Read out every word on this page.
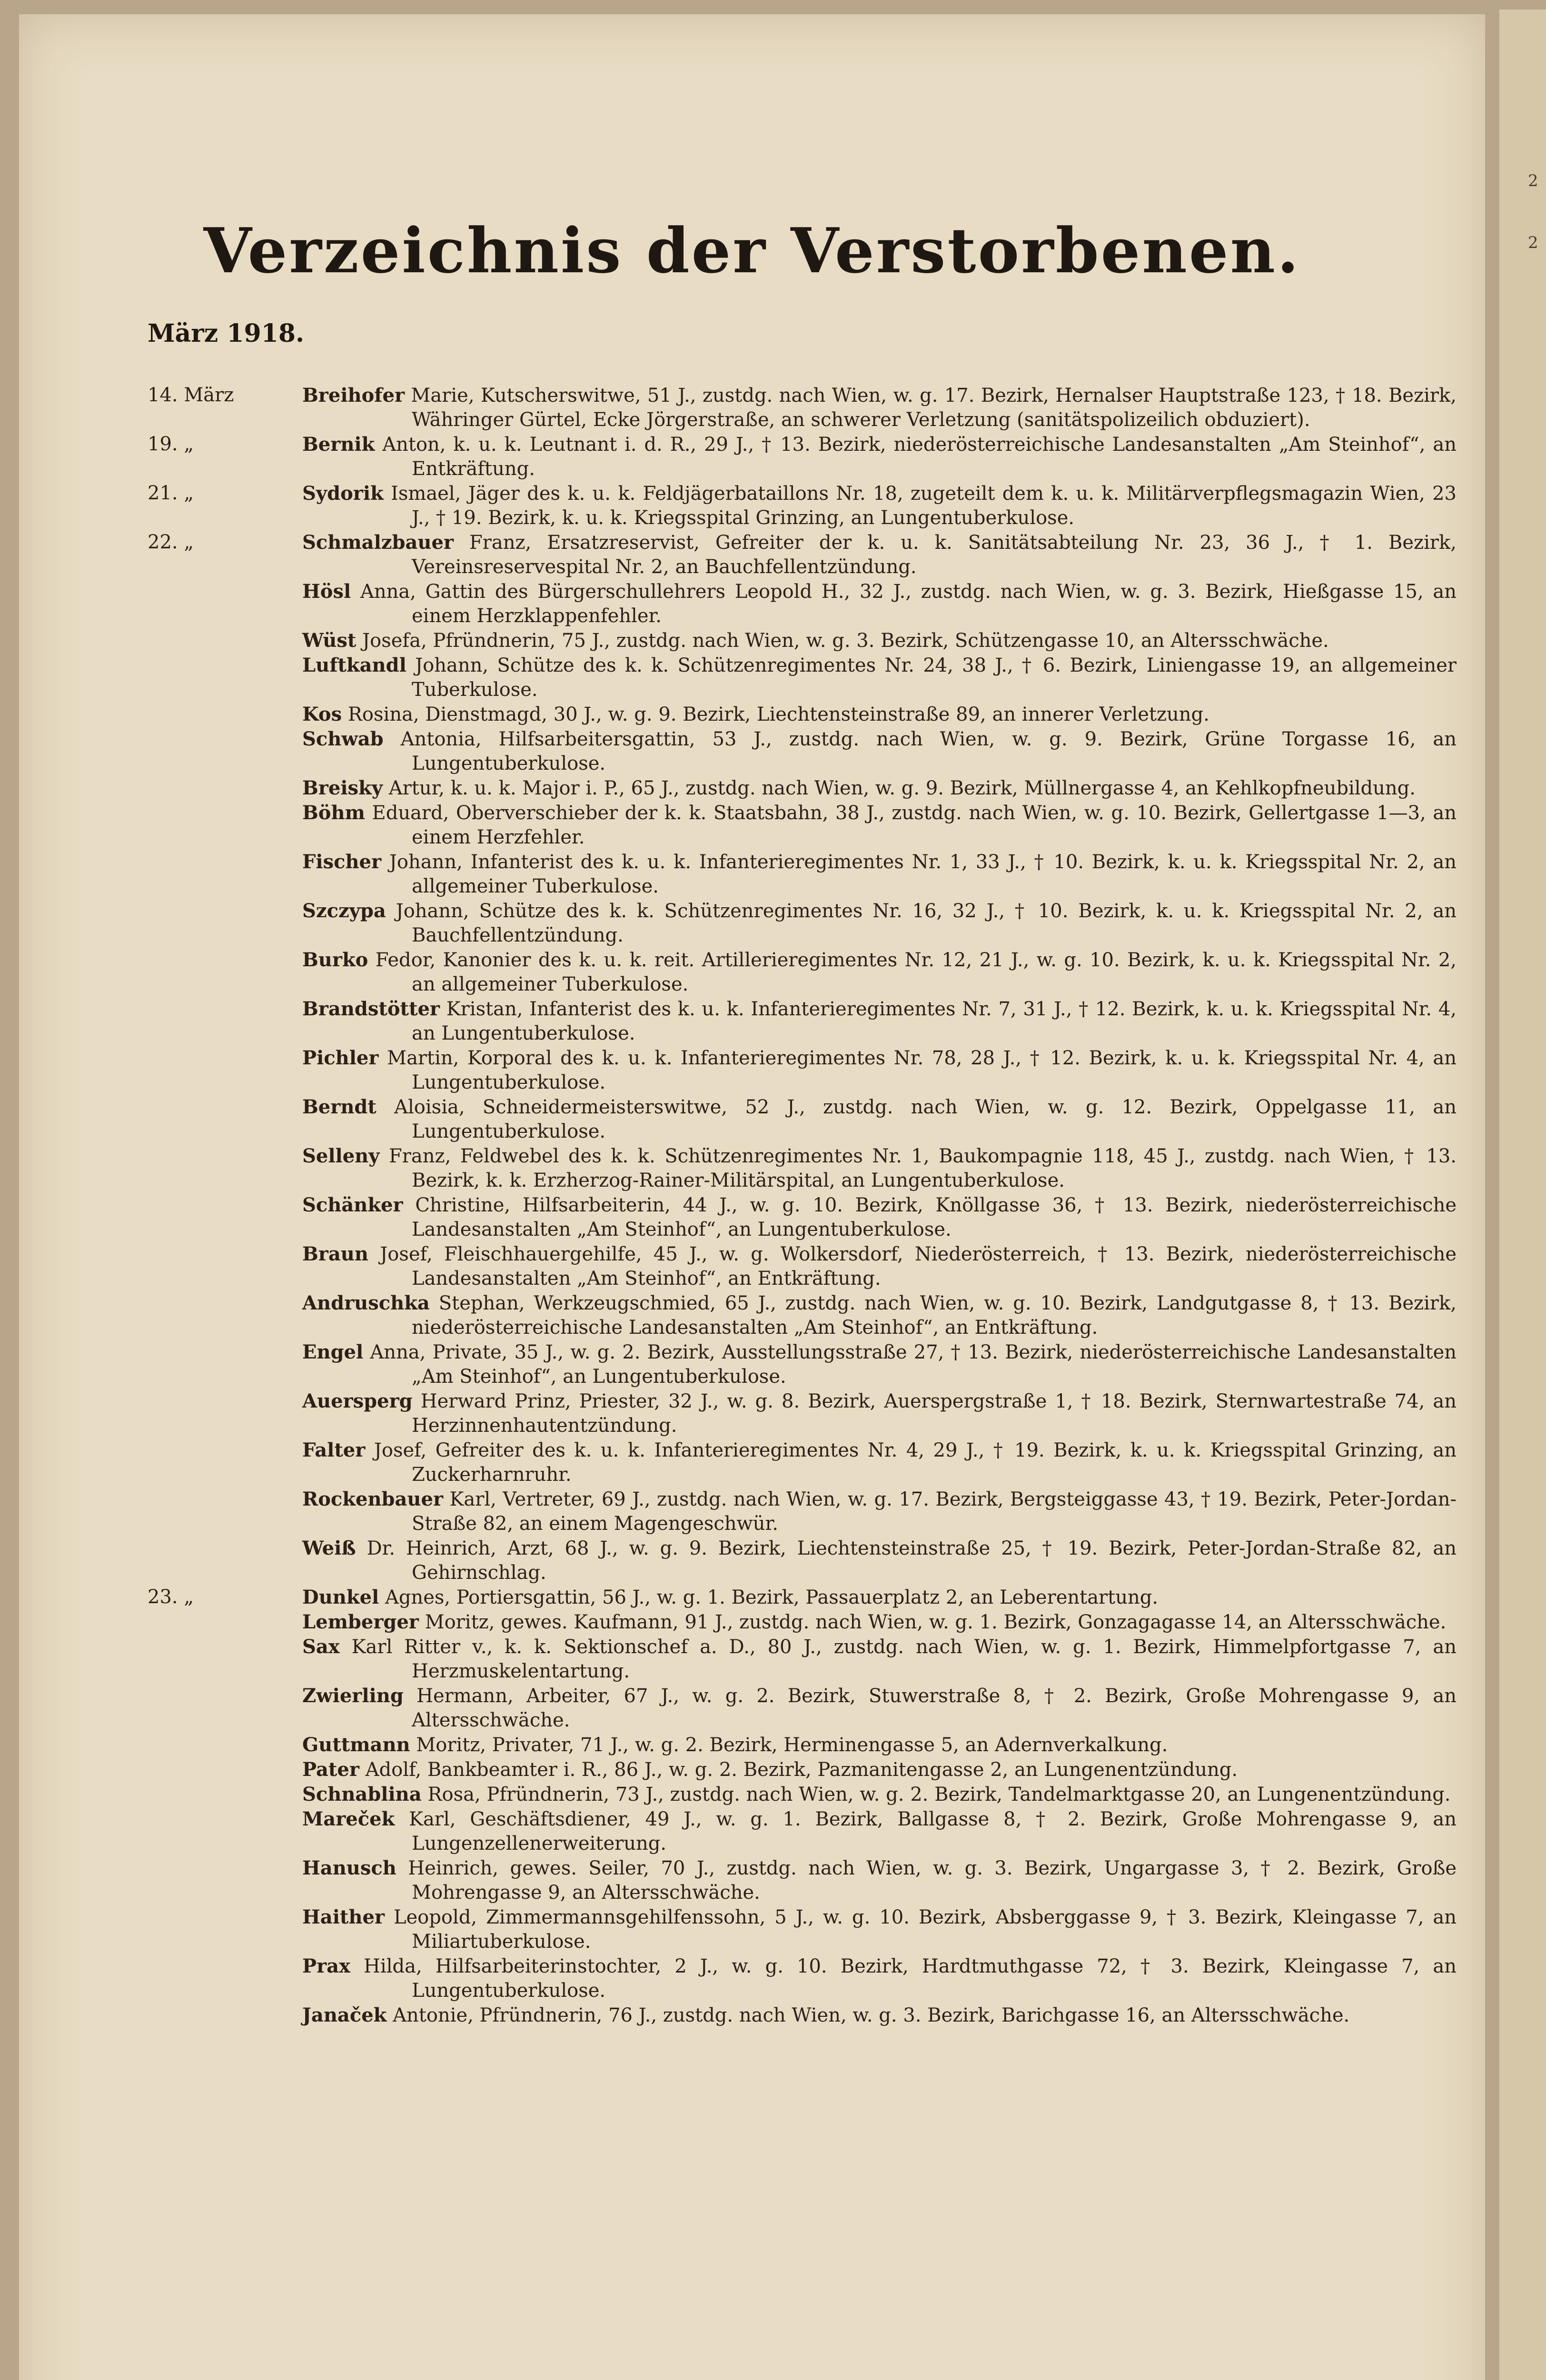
Verzeichnis der Verstorbenen.
März 1918.
14. März	Breihofer Marie, Kutscherswitwe, 51 J., zustdg. nach Wien, w. g. 17. Bezirk, Hernalser Hauptstraße 123, † 18. Bezirk, Währinger Gürtel, Ecke Jörgerstraße, an schwerer Verletzung (sanitätspolizeilich obduziert).
19. „	Bernik Anton, k. u. k. Leutnant i. d. R., 29 J., † 13. Bezirk, niederösterreichische Landesanstalten „Am Steinhof“, an Entkräftung.
21. „	Sydorik Ismael, Jäger des k. u. k. Feldjägerbataillons Nr. 18, zugeteilt dem k. u. k. Militärverpflegsmagazin Wien, 23 J., † 19. Bezirk, k. u. k. Kriegsspital Grinzing, an Lungentuberkulose.
22. „	Schmalzbauer Franz, Ersatzreservist, Gefreiter der k. u. k. Sanitätsabteilung Nr. 23, 36 J., † 1. Bezirk, Vereinsreservespital Nr. 2, an Bauchfellentzündung.
Hösl Anna, Gattin des Bürgerschullehrers Leopold H., 32 J., zustdg. nach Wien, w. g. 3. Bezirk, Hießgasse 15, an einem Herzklappenfehler.
Wüst Josefa, Pfründnerin, 75 J., zustdg. nach Wien, w. g. 3. Bezirk, Schützengasse 10, an Altersschwäche.
Luftkandl Johann, Schütze des k. k. Schützenregimentes Nr. 24, 38 J., † 6. Bezirk, Liniengasse 19, an allgemeiner Tuberkulose.
Kos Rosina, Dienstmagd, 30 J., w. g. 9. Bezirk, Liechtensteinstraße 89, an innerer Verletzung.
Schwab Antonia, Hilfsarbeitersgattin, 53 J., zustdg. nach Wien, w. g. 9. Bezirk, Grüne Torgasse 16, an Lungentuberkulose.
Breisky Artur, k. u. k. Major i. P., 65 J., zustdg. nach Wien, w. g. 9. Bezirk, Müllnergasse 4, an Kehlkopfneubildung.
Böhm Eduard, Oberverschieber der k. k. Staatsbahn, 38 J., zustdg. nach Wien, w. g. 10. Bezirk, Gellertgasse 1—3, an einem Herzfehler.
Fischer Johann, Infanterist des k. u. k. Infanterieregimentes Nr. 1, 33 J., † 10. Bezirk, k. u. k. Kriegsspital Nr. 2, an allgemeiner Tuberkulose.
Szczypa Johann, Schütze des k. k. Schützenregimentes Nr. 16, 32 J., † 10. Bezirk, k. u. k. Kriegsspital Nr. 2, an Bauchfellentzündung.
Burko Fedor, Kanonier des k. u. k. reit. Artillerieregimentes Nr. 12, 21 J., w. g. 10. Bezirk, k. u. k. Kriegsspital Nr. 2, an allgemeiner Tuberkulose.
Brandstötter Kristan, Infanterist des k. u. k. Infanterieregimentes Nr. 7, 31 J., † 12. Bezirk, k. u. k. Kriegsspital Nr. 4, an Lungentuberkulose.
Pichler Martin, Korporal des k. u. k. Infanterieregimentes Nr. 78, 28 J., † 12. Bezirk, k. u. k. Kriegsspital Nr. 4, an Lungentuberkulose.
Berndt Aloisia, Schneidermeisterswitwe, 52 J., zustdg. nach Wien, w. g. 12. Bezirk, Oppelgasse 11, an Lungentuberkulose.
Selleny Franz, Feldwebel des k. k. Schützenregimentes Nr. 1, Baukompagnie 118, 45 J., zustdg. nach Wien, † 13. Bezirk, k. k. Erzherzog-Rainer-Militärspital, an Lungentuberkulose.
Schänker Christine, Hilfsarbeiterin, 44 J., w. g. 10. Bezirk, Knöllgasse 36, † 13. Bezirk, niederösterreichische Landesanstalten „Am Steinhof“, an Lungentuberkulose.
Braun Josef, Fleischhauergehilfe, 45 J., w. g. Wolkersdorf, Niederösterreich, † 13. Bezirk, niederösterreichische Landesanstalten „Am Steinhof“, an Entkräftung.
Andruschka Stephan, Werkzeugschmied, 65 J., zustdg. nach Wien, w. g. 10. Bezirk, Landgutgasse 8, † 13. Bezirk, niederösterreichische Landesanstalten „Am Steinhof“, an Entkräftung.
Engel Anna, Private, 35 J., w. g. 2. Bezirk, Ausstellungsstraße 27, † 13. Bezirk, niederösterreichische Landesanstalten „Am Steinhof“, an Lungentuberkulose.
Auersperg Herward Prinz, Priester, 32 J., w. g. 8. Bezirk, Auerspergstraße 1, † 18. Bezirk, Sternwartestraße 74, an Herzinnenhautentzündung.
Falter Josef, Gefreiter des k. u. k. Infanterieregimentes Nr. 4, 29 J., † 19. Bezirk, k. u. k. Kriegsspital Grinzing, an Zuckerharnruhr.
Rockenbauer Karl, Vertreter, 69 J., zustdg. nach Wien, w. g. 17. Bezirk, Bergsteiggasse 43, † 19. Bezirk, Peter-Jordan-Straße 82, an einem Magengeschwür.
Weiß Dr. Heinrich, Arzt, 68 J., w. g. 9. Bezirk, Liechtensteinstraße 25, † 19. Bezirk, Peter-Jordan-Straße 82, an Gehirnschlag.
23. „	Dunkel Agnes, Portiersgattin, 56 J., w. g. 1. Bezirk, Passauerplatz 2, an Leberentartung.
Lemberger Moritz, gewes. Kaufmann, 91 J., zustdg. nach Wien, w. g. 1. Bezirk, Gonzagagasse 14, an Altersschwäche.
Sax Karl Ritter v., k. k. Sektionschef a. D., 80 J., zustdg. nach Wien, w. g. 1. Bezirk, Himmelpfortgasse 7, an Herzmuskelentartung.
Zwierling Hermann, Arbeiter, 67 J., w. g. 2. Bezirk, Stuwerstraße 8, † 2. Bezirk, Große Mohrengasse 9, an Altersschwäche.
Guttmann Moritz, Privater, 71 J., w. g. 2. Bezirk, Herminengasse 5, an Adernverkalkung.
Pater Adolf, Bankbeamter i. R., 86 J., w. g. 2. Bezirk, Pazmanitengasse 2, an Lungenentzündung.
Schnablina Rosa, Pfründnerin, 73 J., zustdg. nach Wien, w. g. 2. Bezirk, Tandelmarktgasse 20, an Lungenentzündung.
Mareček Karl, Geschäftsdiener, 49 J., w. g. 1. Bezirk, Ballgasse 8, † 2. Bezirk, Große Mohrengasse 9, an Lungenzellenerweiterung.
Hanusch Heinrich, gewes. Seiler, 70 J., zustdg. nach Wien, w. g. 3. Bezirk, Ungargasse 3, † 2. Bezirk, Große Mohrengasse 9, an Altersschwäche.
Haither Leopold, Zimmermannsgehilfenssohn, 5 J., w. g. 10. Bezirk, Absberggasse 9, † 3. Bezirk, Kleingasse 7, an Miliartuberkulose.
Prax Hilda, Hilfsarbeiterinstochter, 2 J., w. g. 10. Bezirk, Hardtmuthgasse 72, † 3. Bezirk, Kleingasse 7, an Lungentuberkulose.
Janaček Antonie, Pfründnerin, 76 J., zustdg. nach Wien, w. g. 3. Bezirk, Barichgasse 16, an Altersschwäche.
2
2
